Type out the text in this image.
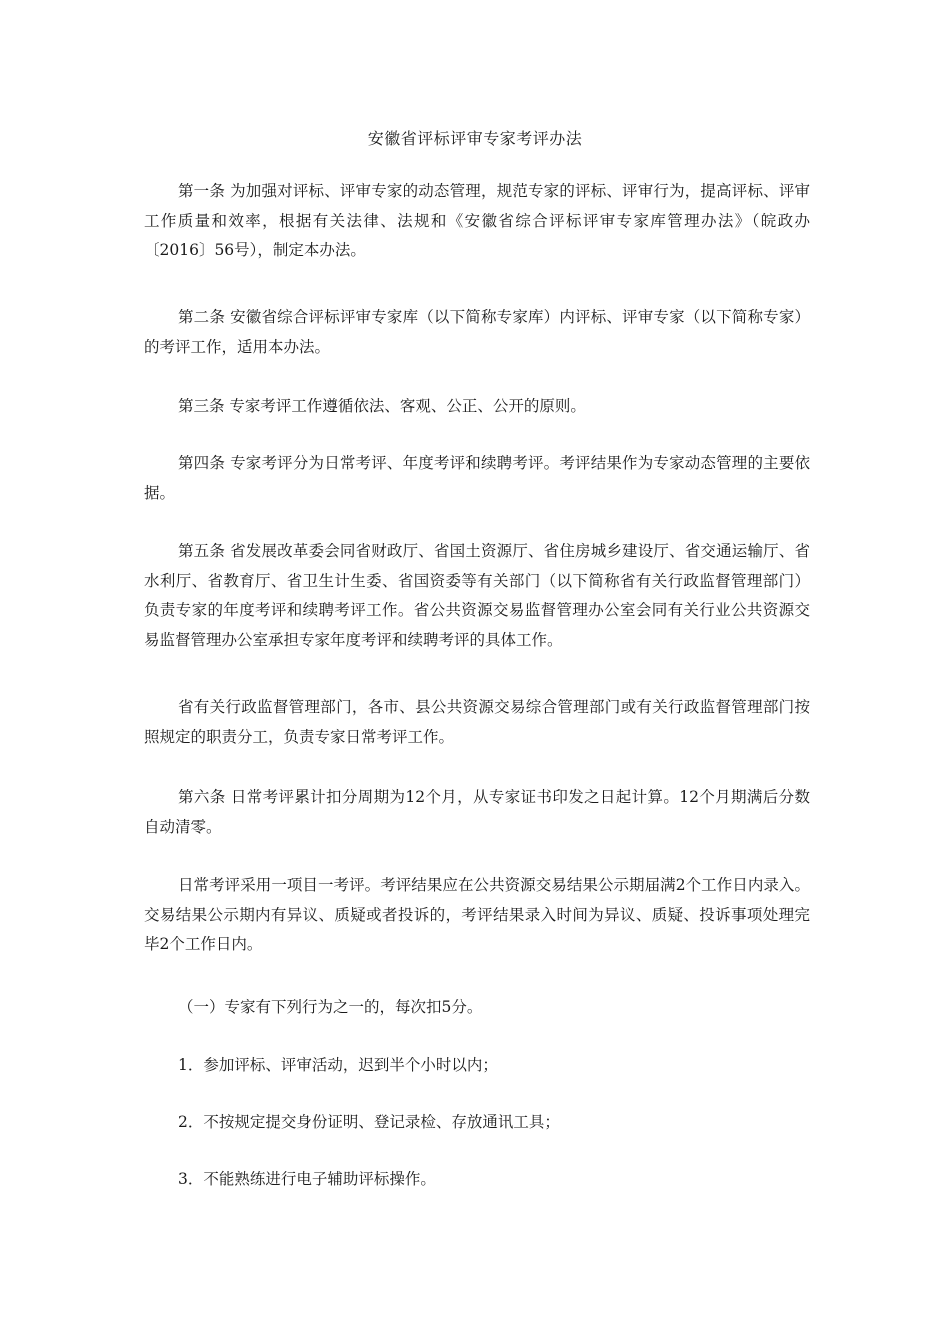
安徽省评标评审专家考评办法

第一条 为加强对评标、评审专家的动态管理，规范专家的评标、评审行为，提高评标、评审工作质量和效率，根据有关法律、法规和《安徽省综合评标评审专家库管理办法》（皖政办〔2016〕56号），制定本办法。

第二条 安徽省综合评标评审专家库（以下简称专家库）内评标、评审专家（以下简称专家）的考评工作，适用本办法。

第三条 专家考评工作遵循依法、客观、公正、公开的原则。

第四条 专家考评分为日常考评、年度考评和续聘考评。考评结果作为专家动态管理的主要依据。

第五条 省发展改革委会同省财政厅、省国土资源厅、省住房城乡建设厅、省交通运输厅、省水利厅、省教育厅、省卫生计生委、省国资委等有关部门（以下简称省有关行政监督管理部门）负责专家的年度考评和续聘考评工作。省公共资源交易监督管理办公室会同有关行业公共资源交易监督管理办公室承担专家年度考评和续聘考评的具体工作。

省有关行政监督管理部门，各市、县公共资源交易综合管理部门或有关行政监督管理部门按照规定的职责分工，负责专家日常考评工作。

第六条 日常考评累计扣分周期为12个月，从专家证书印发之日起计算。12个月期满后分数自动清零。

日常考评采用一项目一考评。考评结果应在公共资源交易结果公示期届满2个工作日内录入。交易结果公示期内有异议、质疑或者投诉的，考评结果录入时间为异议、质疑、投诉事项处理完毕2个工作日内。

（一）专家有下列行为之一的，每次扣5分。

1．参加评标、评审活动，迟到半个小时以内；

2．不按规定提交身份证明、登记录检、存放通讯工具；

3．不能熟练进行电子辅助评标操作。
